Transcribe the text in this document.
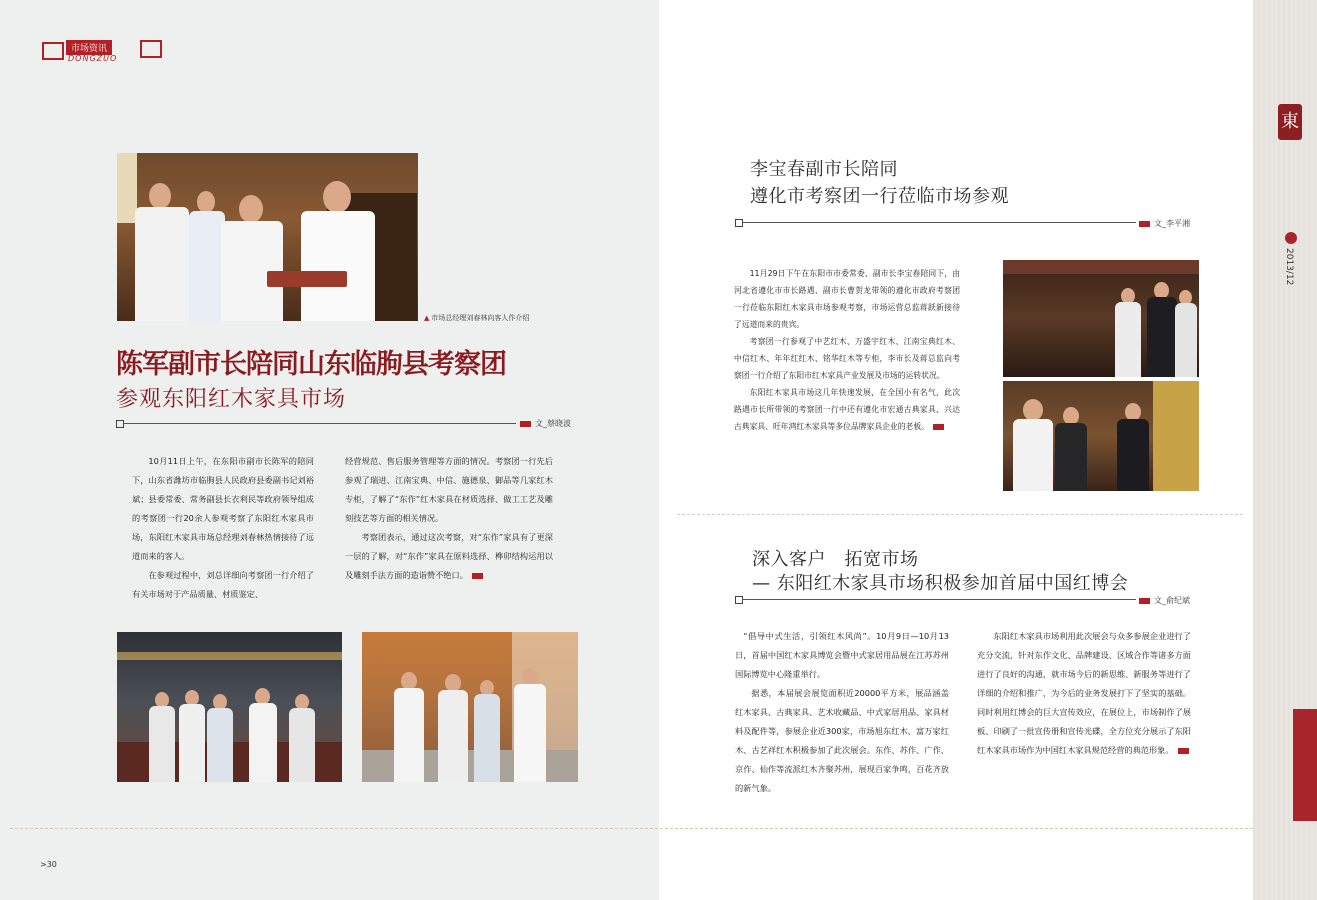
市场资讯
DONGZUO
▲ 市场总经理刘春林向客人作介绍
陈军副市长陪同山东临朐县考察团
参观东阳红木家具市场
文_蔡晓波

10月11日上午，在东阳市副市长陈军的陪同下，山东省潍坊市临朐县人民政府县委副书记刘裕斌；县委常委、常务副县长衣利民等政府领导组成的考察团一行20余人参观考察了东阳红木家具市场，东阳红木家具市场总经理刘春林热情接待了远道而来的客人。

在参观过程中，刘总详细向考察团一行介绍了有关市场对于产品质量、材质鉴定、

经营规范、售后服务管理等方面的情况。考察团一行先后参观了瑞进、江南宝典、中信、施德泉、御品等几家红木专柜，了解了“东作”红木家具在材质选择、做工工艺及雕刻技艺等方面的相关情况。

考察团表示，通过这次考察，对“东作”家具有了更深一层的了解，对“东作”家具在原料选择、榫卯结构运用以及雕刻手法方面的造诣赞不绝口。

>30
李宝春副市长陪同
遵化市考察团一行莅临市场参观
文_李平湘

11月29日下午在东阳市市委常委、副市长李宝春陪同下，由河北省遵化市市长路遇、副市长曹贺龙带领的遵化市政府考察团一行莅临东阳红木家具市场参观考察，市场运营总监蒋跃新接待了远道而来的贵宾。

考察团一行参观了中艺红木、万盛宇红木、江南宝典红木、中信红木、年年红红木、铭华红木等专柜，李市长及蒋总监向考察团一行介绍了东阳市红木家具产业发展及市场的运转状况。

东阳红木家具市场这几年快速发展，在全国小有名气，此次路遇市长所带领的考察团一行中还有遵化市宏通古典家具、兴达古典家具、旺年鸿红木家具等多位品牌家具企业的老板。

深入客户　拓宽市场
— 东阳红木家具市场积极参加首届中国红博会
文_俞纪斌

“倡导中式生活，引领红木风尚”。10月9日—10月13日，首届中国红木家具博览会暨中式家居用品展在江苏苏州国际博览中心隆重举行。

据悉，本届展会展览面积近20000平方米，展品涵盖红木家具、古典家具、艺术收藏品、中式家居用品、家具材料及配件等，参展企业近300家，市场旭东红木、富万家红木、古艺祥红木积极参加了此次展会。东作、苏作、广作、京作、仙作等流派红木齐聚苏州，展现百家争鸣，百花齐放的新气象。

东阳红木家具市场利用此次展会与众多参展企业进行了充分交流，针对东作文化、品牌建设、区域合作等诸多方面进行了良好的沟通，就市场今后的新思维、新服务等进行了详细的介绍和推广，为今后的业务发展打下了坚实的基础。同时利用红博会的巨大宣传效应，在展位上，市场制作了展板、印刷了一批宣传册和宣传光碟，全方位充分展示了东阳红木家具市场作为中国红木家具规范经营的典范形象。

東
2013/12
